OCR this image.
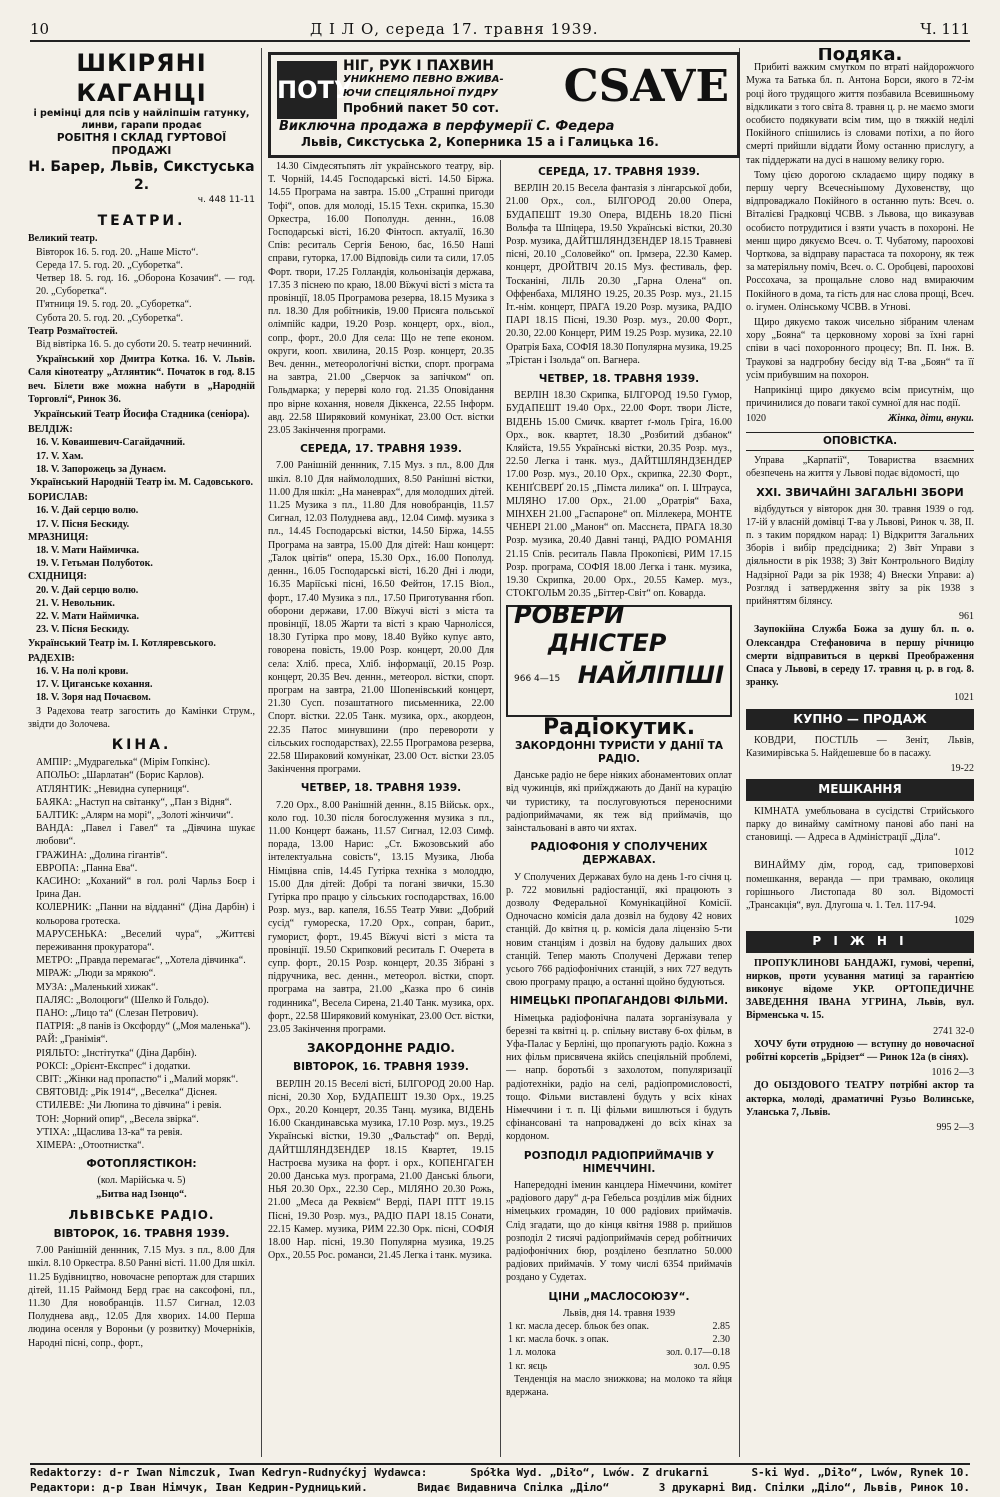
10	Д І Л О, середа 17. травня 1939.	Ч. 111
ПОТУ
НІГ, РУК І ПАХВИН
УНИКНЕМО ПЕВНО ВЖИВА-
ЮЧИ СПЕЦІЯЛЬНОЇ ПУДРУ
Пробний пакет 50 сот. CSAVE
Виключна продажа в перфумерії С. Федера
Львів, Сикстуська 2, Коперника 15 а і Галицька 16.
ШКІРЯНІ КАГАНЦІ
і ремінці для псів у найліпшім гатунку,
линви, гарапи продає
РОБІТНЯ І СКЛАД ГУРТОВОЇ ПРОДАЖІ
Н. Барер, Львів, Сикстуська 2.
ч. 448 11-11
ТЕАТРИ.
Великий театр.
Вівторок 16. 5. год. 20. „Наше Місто“.
Середа 17. 5. год. 20. „Суборетка“.
Четвер 18. 5. год. 16. „Оборона Козачин“. — год. 20. „Суборетка“.
П'ятниця 19. 5. год. 20. „Суборетка“.
Субота 20. 5. год. 20. „Суборетка“.
Театр Розмаїтостей.

Від вівтірка 16. 5. до суботи 20. 5. театр нечинний.

Український хор Дмитра Котка. 16. V. Львів. Саля кінотеатру „Атлянтик“. Початок в год. 8.15 веч. Білети вже можна набути в „Народній Торговлі“, Ринок 36.

Український Театр Йосифа Стадника (сеніора).

ВЕЛДІЖ:
16. V. Коваишевич-Сагайдачний.
17. V. Хам.
18. V. Запорожець за Дунаєм.

Український Народній Театр ім. М. Садовського.

БОРИСЛАВ:
16. V. Дай серцю волю.
17. V. Пісня Бескиду.
МРАЗНИЦЯ:
18. V. Мати Наймичка.
19. V. Гетьман Полуботок.
СХІДНИЦЯ:
20. V. Дай серцю волю.
21. V. Невольник.
22. V. Мати Наймичка.
23. V. Пісня Бескиду.

Український Театр ім. І. Котляревського.

РАДЕХІВ:
16. V. На полі крови.
17. V. Циганське кохання.
18. V. Зоря над Почаєвом.

З Радехова театр загостить до Камінки Струм., звідти до Золочева.

КІНА.
АМПІР: „Мудрагелька“ (Мірім Гопкінс).
АПОЛЬО: „Шарлатан“ (Борис Карлов).
АТЛЯНТИК: „Невидна суперниця“.
БАЯКА: „Наступ на світанку“, „Пан з Відня“.
БАЛТИК: „Алярм на морі“, „Золоті жінчичи“.
ВАНДА: „Павел і Гавел“ та „Дівчина шукає любови“.
ГРАЖИНА: „Долина гігантів“.
ЕВРОПА: „Панна Ева“.
КАСИНО: „Коханий“ в гол. ролі Чарльз Боєр і Ірина Дан.
КОЛЕРНИК: „Панни на відданні“ (Діна Дарбін) і кольорова гротеска.
МАРУСЕНЬКА: „Веселий чура“, „Життєві переживання прокуратора“.
МЕТРО: „Правда перемагає“, „Хотела дівчинка“.
МІРАЖ: „Люди за мрякою“.
МУЗА: „Маленький хижак“.
ПАЛЯС: „Волоцюги“ (Шелко й Гольдо).
ПАНО: „Лицо та“ (Слезан Петрович).
ПАТРІЯ: „8 панів із Оксфорду“ („Моя маленька“).
РАЙ: „Гранімія“.
РІЯЛЬТО: „Інстітутка“ (Діна Дарбін).
РОКСІ: „Орієнт-Експрес“ і додатки.
СВІТ: „Жінки над пропастю“ і „Малий моряк“.
СВЯТОВІД: „Рік 1914“, „Веселка“ Діснея.
СТИЛЕВЕ: „Чи Люпина то дівчина“ і ревія.
ТОН: „Чорний опир“, „Весела звірка“.
УТІХА: „Щаслива 13-ка“ та ревія.
ХІМЕРА: „Отоотнистка“.
ФОТОПЛЯСТІКОН:
(кол. Марійська ч. 5)
„Битва над Ізонцо“.
ЛЬВІВСЬКЕ РАДІО.
ВІВТОРОК, 16. ТРАВНЯ 1939.

7.00 Ранішній деннник, 7.15 Муз. з пл., 8.00 Для шкіл. 8.10 Оркестра. 8.50 Ранні вісті. 11.00 Для шкіл. 11.25 Будівництво, новочасне репортаж для старших дітей, 11.15 Раймонд Берд грає на саксофоні, пл., 11.30 Для новобранців. 11.57 Сигнал, 12.03 Полуднева авд., 12.05 Для хворих. 14.00 Перша людина осенля у Вороньи (у розвитку) Мочерніків, Народні пісні, сопр., форт.,

14.30 Сімдесятьпять літ українського театру, вір. Т. Чорній, 14.45 Господарські вісті. 14.50 Біржа. 14.55 Програма на завтра. 15.00 „Страшні пригоди Тофі“, опов. для молоді, 15.15 Техн. скрипка, 15.30 Оркестра, 16.00 Пополудн. деннн., 16.08 Господарські вісті, 16.20 Фінтосп. актуалії, 16.30 Спів: реситаль Сергія Беною, бас, 16.50 Наші справи, гуторка, 17.00 Відповідь сили та сили, 17.05 Форт. твори, 17.25 Голландія, кольонізація держава, 17.35 З піснею по краю, 18.00 Вїжучі вісті з міста та провінції, 18.05 Програмова резерва, 18.15 Музика з пл. 18.30 Для робітників, 19.00 Присяга польської олімпійс кадри, 19.20 Розр. концерт, орх., віол., сопр., форт., 20.0 Для села: Що не тепе економ. округи, кооп. хвилина, 20.15 Розр. концерт, 20.35 Веч. деннн., метеорологічні вістки, спорт. програма на завтра, 21.00 „Сверчок за запічком“ оп. Гольдмарка; у перерві коло год. 21.35 Оповідання про вірне кохання, новеля Діккенса, 22.55 Інформ. авд. 22.58 Ширяковий комунікат, 23.00 Ост. вістки 23.05 Закінчення програми.

СЕРЕДА, 17. ТРАВНЯ 1939.

7.00 Ранішній деннник, 7.15 Муз. з пл., 8.00 Для шкіл. 8.10 Для наймолодших, 8.50 Ранішні вістки, 11.00 Для шкіл: „На маневрах“, для молодших дітей. 11.25 Музика з пл., 11.80 Для новобранців, 11.57 Сигнал, 12.03 Полуднева авд., 12.04 Симф. музика з пл., 14.45 Господарські вістки, 14.50 Біржа, 14.55 Програма на завтра, 15.00 Для дітей: Наш концерт: „Талок цвітів“ опера, 15.30 Орх., 16.00 Пополуд. деннн., 16.05 Господарські вісті, 16.20 Дні і люди, 16.35 Маріїські пісні, 16.50 Фейтон, 17.15 Віол., форт., 17.40 Музика з пл., 17.50 Приготування гбоп. оборони держави, 17.00 Вїжучі вісті з міста та провінції, 18.05 Жарти та вісті з краю Чарнолісся, 18.30 Гутірка про мову, 18.40 Вуйко купує авто, говорена повість, 19.00 Розр. концерт, 20.00 Для села: Хліб. преса, Хліб. інформації, 20.15 Розр. концерт, 20.35 Веч. деннн., метеорол. вістки, спорт. програм на завтра, 21.00 Шопенівський концерт, 21.30 Сусп. позаштатного письменника, 22.00 Спорт. вістки. 22.05 Танк. музика, орх., акордеон, 22.35 Патос минувшини (про перевороти у сільських господарствах), 22.55 Програмова резерва, 22.58 Шираковий комунікат, 23.00 Ост. вістки 23.05 Закінчення програми.

ЧЕТВЕР, 18. ТРАВНЯ 1939.

7.20 Орх., 8.00 Ранішній деннн., 8.15 Військ. орх., коло год. 10.30 після богослуження музика з пл., 11.00 Концерт бажань, 11.57 Сигнал, 12.03 Симф. порада, 13.00 Нарис: „Ст. Бжозовський або інтелектуальна совість“, 13.15 Музика, Люба Німцівна спів, 14.45 Гутірка техніка з молоддю, 15.00 Для дітей: Добрі та погані звички, 15.30 Гутірка про працю у сільських господарствах, 16.00 Розр. муз., вар. капеля, 16.55 Театр Уяви: „Добрий сусід“ гумореска, 17.20 Орх., сопран, барит., гуморист, форт., 19.45 Вїжучі вісті з міста та провінції. 19.50 Скрипковий реситаль Г. Очерета в супр. форт., 20.15 Розр. концерт, 20.35 Зібрані з підручника, вес. деннн., метеорол. вістки, спорт. програма на завтра, 21.00 „Казка про 6 синів годинника“, Весела Сирена, 21.40 Танк. музика, орх. форт., 22.58 Ширяковий комунікат, 23.00 Ост. вістки, 23.05 Закінчення програми.

ЗАКОРДОННЕ РАДІО.
ВІВТОРОК, 16. ТРАВНЯ 1939.

ВЕРЛІН 20.15 Веселі вісті, БІЛГОРОД 20.00 Нар. пісні, 20.30 Хор, БУДАПЕШТ 19.30 Орх., 19.25 Орх., 20.20 Концерт, 20.35 Танц. музика, ВІДЕНЬ 16.00 Скандинавська музика, 17.10 Розр. муз., 19.25 Українські вістки, 19.30 „Фальстаф“ оп. Верді, ДАЙТШЛЯНДЗЕНДЕР 18.15 Квартет, 19.15 Настроєва музика на форт. і орх., КОПЕНГАГЕН 20.00 Данська муз. програма, 21.00 Данські бльоги, НЬЯ 20.30 Орх., 22.30 Сер., МІЛЯНО 20.30 Рожь, 21.00 „Меса да Реквієм“ Верді, ПАРІ ПТТ 19.15 Пісні, 19.30 Розр. муз., РАДІО ПАРІ 18.15 Сонати, 22.15 Камер. музика, РИМ 22.30 Орк. пісні, СОФІЯ 18.00 Нар. пісні, 19.30 Популярна музика, 19.25 Орх., 20.55 Рос. романси, 21.45 Легка і танк. музика.

СЕРЕДА, 17. ТРАВНЯ 1939.

ВЕРЛІН 20.15 Весела фантазія з лінгарської доби, 21.00 Орх., сол., БІЛГОРОД 20.00 Опера, БУДАПЕШТ 19.30 Опера, ВІДЕНЬ 18.20 Пісні Вольфа та Шпіцера, 19.50 Українські вістки, 20.30 Розр. музика, ДАЙТШЛЯНДЗЕНДЕР 18.15 Травневі пісні, 20.10 „Соловейко“ оп. Ірмзера, 22.30 Камер. концерт, ДРОЙТВІЧ 20.15 Муз. фестиваль, фер. Тосканіні, ЛІЛЬ 20.30 „Гарна Олена“ оп. Оффенбаха, МІЛЯНО 19.25, 20.35 Розр. муз., 21.15 Іт.-нім. концерт, ПРАГА 19.20 Розр. музика, РАДІО ПАРІ 18.15 Пісні, 19.30 Розр. муз., 20.00 Форт., 20.30, 22.00 Концерт, РИМ 19.25 Розр. музика, 22.10 Оратрія Баха, СОФІЯ 18.30 Популярна музика, 19.25 „Трістан і Ізольда“ оп. Вагнера.

ЧЕТВЕР, 18. ТРАВНЯ 1939.

ВЕРЛІН 18.30 Скрипка, БІЛГОРОД 19.50 Гумор, БУДАПЕШТ 19.40 Орх., 22.00 Форт. твори Лісте, ВІДЕНЬ 15.00 Смичк. квартет ґ-моль Гріга, 16.00 Орх., вок. квартет, 18.30 „Розбитий дзбанок“ Кляйста, 19.55 Українські вістки, 20.35 Розр. муз., 22.50 Легка і танк. муз., ДАЙТШЛЯНДЗЕНДЕР 17.00 Розр. муз., 20.10 Орх., скрипка, 22.30 Форт., КЕНІҐСВЕРҐ 20.15 „Пімста лилика“ оп. І. Штрауса, МІЛЯНО 17.00 Орх., 21.00 „Оратрія“ Баха, МІНХЕН 21.00 „Гаспароне“ оп. Міллекера, МОНТЕ ЧЕНЕРІ 21.00 „Манон“ оп. Масснєта, ПРАГА 18.30 Розр. музика, 20.40 Давні танці, РАДІО РОМАНІЯ 21.15 Спів. реситаль Павла Прокопієві, РИМ 17.15 Розр. програма, СОФІЯ 18.00 Легка і танк. музика, 19.30 Скрипка, 20.00 Орх., 20.55 Камер. муз., СТОКГОЛЬМ 20.35 „Біттер-Світ“ оп. Коварда.

РОВЕРИ
ДНІСТЕР
НАЙЛІПШІ
966 4—15
Радіокутик.
ЗАКОРДОННІ ТУРИСТИ У ДАНІЇ ТА РАДІО.

Данське радіо не бере ніяких абонаментових оплат від чужинців, які приїжджають до Данії на курацію чи туристику, та послуговуються переносними радіоприймачами, як теж від приймачів, що заінстальовані в авто чи яхтах.

РАДІОФОНІЯ У СПОЛУЧЕНИХ ДЕРЖАВАХ.

У Сполучених Державах було на день 1-го січня ц. р. 722 мовильні радіостанції, які працюють з дозволу Федеральної Комунікаційної Комісії. Одночасно комісія дала дозвіл на будову 42 нових станцій. До квітня ц. р. комісія дала ліцензію 5-ти новим станціям і дозвіл на будову дальших двох станцій. Тепер мають Сполучені Держави тепер усього 766 радіофонічних станцій, з них 727 ведуть свою програму працю, а останні щойно будуються.

НІМЕЦЬКІ ПРОПАГАНДОВІ ФІЛЬМИ.

Німецька радіофонічна палата зорганізувала у березні та квітні ц. р. спільну виставу 6-ох фільм, в Уфа-Палас у Берліні, що пропагують радіо. Кожна з них фільм присвячена якійсь спеціяльній проблемі, — напр. боротьбі з захолотом, популяризації радіотехніки, радіо на селі, радіопромисловості, тощо. Фільми виставлені будуть у всіх кінах Німеччини і т. п. Ці фільми вишлються і будуть сфінансовані та напровадженi до всіх кінах за кордоном.

РОЗПОДІЛ РАДІОПРИЙМАЧІВ У НІМЕЧЧИНІ.

Напередодні іменин канцлера Німеччини, комітет „радіового дару“ д-ра Гебельса розділив між бідних німецьких громадян, 10 000 радіових приймачів. Слід згадати, що до кінця квітня 1988 р. прийшов розподіл 2 тисячі радіоприймачів серед робітничих радіофонічних бюр, розділено безплатно 50.000 радіових приймачів. У тому числі 6354 приймачів роздано у Судетах.

ЦІНИ „МАСЛОСОЮЗУ“.
Львів, дня 14. травня 1939
1 кг. масла десер. бльок без опак.	2.85
1 кг. масла бочк. з опак.	2.30
1 л. молока	зол. 0.17—0.18
1 кг. яєць	зол. 0.95

Тенденція на масло знижкова; на молоко та яйця вдержана.

Подяка.

Прибиті важким смутком по втраті найдорожчого Мужа та Батька бл. п. Антона Борси, якого в 72-ім році його трудящого життя позбавила Всевишньому відкликати з того світа 8. травня ц. р. не маємо змоги особисто подякувати всім тим, що в тяжкій неділі Покійного спішились із словами потіхи, а по його смерті прийшли віддати Йому останню прислугу, а так піддержати на дусі в нашому велику горю.

Тому цією дорогою складаємо щиру подяку в першу чергу Всечесніьшому Духовенству, що відпроваджало Покійного в останню путь: Всеч. о. Віталієві Градковці ЧСВВ. з Львова, що виказував особисто потрудитися і взяти участь в похороні. Не менш щиро дякуємо Всеч. о. Т. Чубатому, пароохові Чорткова, за відправу парастаса та похорону, як теж за матеріяльну поміч, Всеч. о. С. Оробцеві, пароохові Россохача, за прощальне слово над вмираючим Покійного в дома, та гість для нас слова прощі, Всеч. о. ігумен. Олінському ЧСВВ. в Угнові.

Щиро дякуємо також чисельно зібраним членам хору „Бояна“ та церковному хорові за їхні гарні співи в часі похоронного процесу; Вп. П. Інж. В. Траукові за надгробну бесіду від Т-ва „Боян“ та її усім прибувшим на похорон.

Наприкінці щиро дякуємо всім присутнім, що причинилися до поваги такої сумної для нас події.

1020	Жінка, діти, внуки.
ОПОВІСТКА.

Управа „Карпатії“, Товариства взаємних обезпечень на життя у Львові подає відомості, що

XXI. ЗВИЧАЙНІ ЗАГАЛЬНІ ЗБОРИ

відбудуться у вівторок дня 30. травня 1939 о год. 17-ій у власній домівці Т-ва у Львові, Ринок ч. 38, II. п. з таким порядком нарад: 1) Відкриття Загальних Зборів і вибір предсідника; 2) Звіт Управи з діяльности в рік 1938; 3) Звіт Контрольного Виділу Надзірної Ради за рік 1938; 4) Внески Управи: а) Розгляд і затвердження звіту за рік 1938 з прийняттям білянсу.

961

Заупокійна Служба Божа за душу бл. п. о. Олександра Стефановича в першу річницю смерти відправиться в церкві Преображення Спаса у Львові, в середу 17. травня ц. р. в год. 8. зранку.

1021
КУПНО — ПРОДАЖ

КОВДРИ, ПОСТІЛЬ — Зеніт, Львів, Казимирівська 5. Найдешевше бо в пасажу.

19-22
МЕШКАННЯ

КІМНАТА умебльована в сусідстві Стрийського парку до винайму самітному панові або пані на становищі. — Адреса в Адміністрації „Діла“.

1012

ВИНАЙМУ дім, город, сад, триповерхові помешкання, веранда — при трамваю, околиця горішнього Листопада 80 зол. Відомості „Трансакція“, вул. Длугоша ч. 1. Тел. 117-94.

1029
Р І Ж Н І

ПРОПУКЛИНОВІ БАНДАЖІ, гумові, черепні, нирков, проти усування матиці за гарантією виконує відоме УКР. ОРТОПЕДИЧНЕ ЗАВЕДЕННЯ ІВАНА УГРИНА, Львів, вул. Вірменська ч. 15.

2741 32-0

ХОЧУ бути отрудною — вступну до новочасної робітні корсетів „Брідзет“ — Ринок 12а (в сінях).

1016 2—3

ДО ОБІЗДОВОГО ТЕАТРУ потрібні актор та акторка, молоді, драматичні Рузьо Волинське, Уланська 7, Львів.

995 2—3
Redaktorzy: d-r Iwan Nimczuk, Iwan Kedryn-Rudnyćkyj Wydawca:	Spółka Wyd. „Diło“, Lwów. Z drukarni	S-ki Wyd. „Diło“, Lwów, Rynek 10.
Редактори: д-р Іван Німчук, Іван Кедрин-Рудницький.	Видає Видавнича Спілка „Діло“	З друкарні Вид. Спілки „Діло“, Львів, Ринок 10.
